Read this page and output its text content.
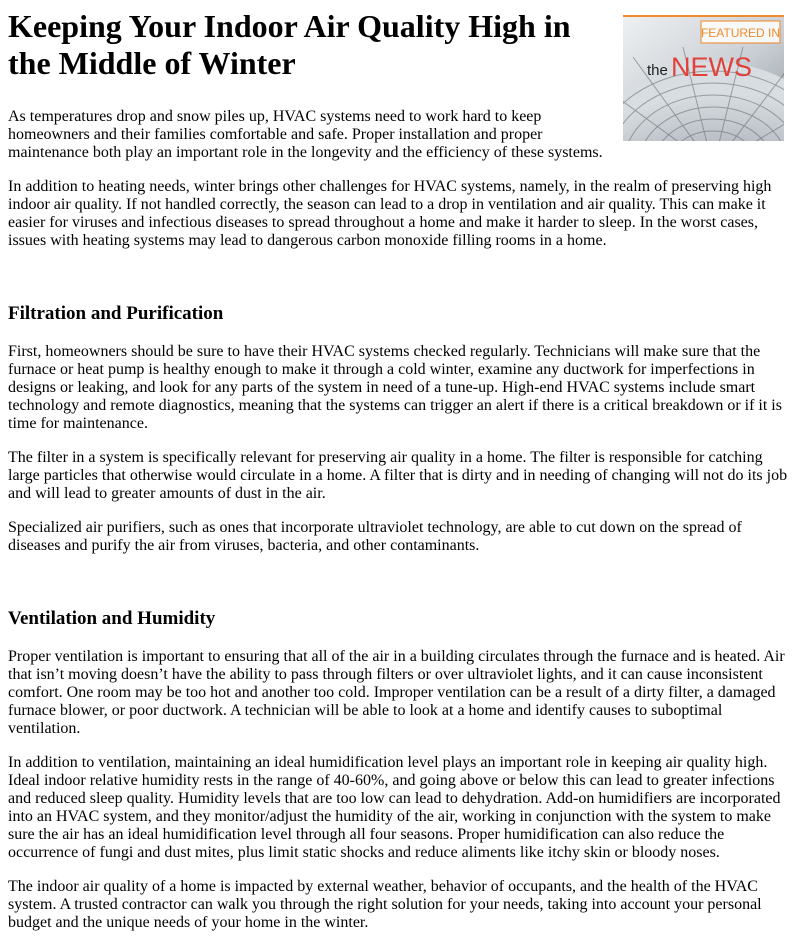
FEATURED IN
the NEWS
Keeping Your Indoor Air Quality High in the Middle of Winter

As temperatures drop and snow piles up, HVAC systems need to work hard to keep homeowners and their families comfortable and safe. Proper installation and proper maintenance both play an important role in the longevity and the efficiency of these systems.

In addition to heating needs, winter brings other challenges for HVAC systems, namely, in the realm of preserving high indoor air quality. If not handled correctly, the season can lead to a drop in ventilation and air quality. This can make it easier for viruses and infectious diseases to spread throughout a home and make it harder to sleep. In the worst cases, issues with heating systems may lead to dangerous carbon monoxide filling rooms in a home.

Filtration and Purification

First, homeowners should be sure to have their HVAC systems checked regularly. Technicians will make sure that the furnace or heat pump is healthy enough to make it through a cold winter, examine any ductwork for imperfections in designs or leaking, and look for any parts of the system in need of a tune-up. High-end HVAC systems include smart technology and remote diagnostics, meaning that the systems can trigger an alert if there is a critical breakdown or if it is time for maintenance.

The filter in a system is specifically relevant for preserving air quality in a home. The filter is responsible for catching large particles that otherwise would circulate in a home. A filter that is dirty and in needing of changing will not do its job and will lead to greater amounts of dust in the air.

Specialized air purifiers, such as ones that incorporate ultraviolet technology, are able to cut down on the spread of diseases and purify the air from viruses, bacteria, and other contaminants.

Ventilation and Humidity

Proper ventilation is important to ensuring that all of the air in a building circulates through the furnace and is heated. Air that isn’t moving doesn’t have the ability to pass through filters or over ultraviolet lights, and it can cause inconsistent comfort. One room may be too hot and another too cold. Improper ventilation can be a result of a dirty filter, a damaged furnace blower, or poor ductwork. A technician will be able to look at a home and identify causes to suboptimal ventilation.

In addition to ventilation, maintaining an ideal humidification level plays an important role in keeping air quality high. Ideal indoor relative humidity rests in the range of 40-60%, and going above or below this can lead to greater infections and reduced sleep quality. Humidity levels that are too low can lead to dehydration. Add-on humidifiers are incorporated into an HVAC system, and they monitor/adjust the humidity of the air, working in conjunction with the system to make sure the air has an ideal humidification level through all four seasons. Proper humidification can also reduce the occurrence of fungi and dust mites, plus limit static shocks and reduce aliments like itchy skin or bloody noses.

The indoor air quality of a home is impacted by external weather, behavior of occupants, and the health of the HVAC system. A trusted contractor can walk you through the right solution for your needs, taking into account your personal budget and the unique needs of your home in the winter.
